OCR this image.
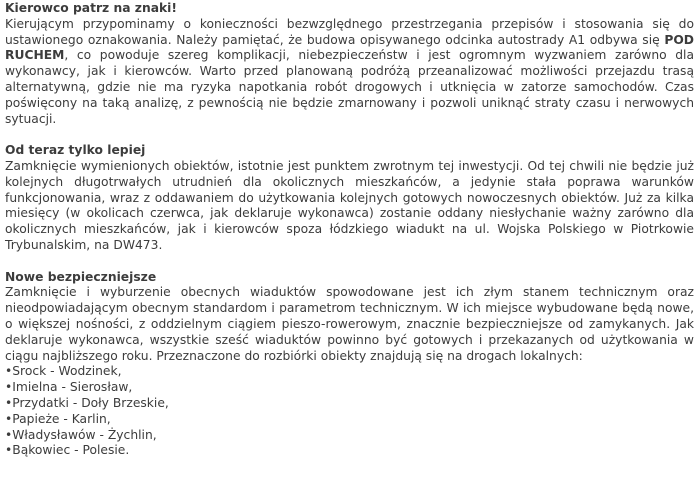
Kierowco patrz na znaki!

Kierującym przypominamy o konieczności bezwzględnego przestrzegania przepisów i stosowania się do ustawionego oznakowania. Należy pamiętać, że budowa opisywanego odcinka autostrady A1 odbywa się POD RUCHEM, co powoduje szereg komplikacji, niebezpieczeństw i jest ogromnym wyzwaniem zarówno dla wykonawcy, jak i kierowców. Warto przed planowaną podróżą przeanalizować możliwości przejazdu trasą alternatywną, gdzie nie ma ryzyka napotkania robót drogowych i utknięcia w zatorze samochodów. Czas poświęcony na taką analizę, z pewnością nie będzie zmarnowany i pozwoli uniknąć straty czasu i nerwowych sytuacji.

Od teraz tylko lepiej

Zamknięcie wymienionych obiektów, istotnie jest punktem zwrotnym tej inwestycji. Od tej chwili nie będzie już kolejnych długotrwałych utrudnień dla okolicznych mieszkańców, a jedynie stała poprawa warunków funkcjonowania, wraz z oddawaniem do użytkowania kolejnych gotowych nowoczesnych obiektów. Już za kilka miesięcy (w okolicach czerwca, jak deklaruje wykonawca) zostanie oddany niesłychanie ważny zarówno dla okolicznych mieszkańców, jak i kierowców spoza łódzkiego wiadukt na ul. Wojska Polskiego w Piotrkowie Trybunalskim, na DW473.

Nowe bezpieczniejsze

Zamknięcie i wyburzenie obecnych wiaduktów spowodowane jest ich złym stanem technicznym oraz nieodpowiadającym obecnym standardom i parametrom technicznym. W ich miejsce wybudowane będą nowe, o większej nośności, z oddzielnym ciągiem pieszo-rowerowym, znacznie bezpieczniejsze od zamykanych. Jak deklaruje wykonawca, wszystkie sześć wiaduktów powinno być gotowych i przekazanych od użytkowania w ciągu najbliższego roku. Przeznaczone do rozbiórki obiekty znajdują się na drogach lokalnych:

•Srock - Wodzinek,
•Imielna - Sierosław,
•Przydatki - Doły Brzeskie,
•Papieże - Karlin,
•Władysławów - Żychlin,
•Bąkowiec - Polesie.
